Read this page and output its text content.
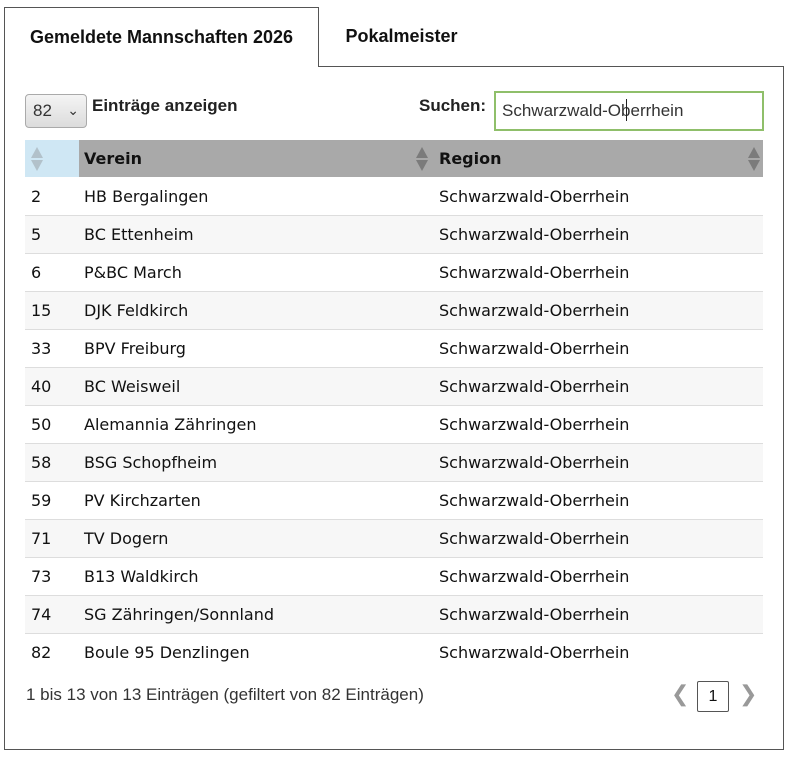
Gemeldete Mannschaften 2026	Pokalmeister
82 ⌄ Einträge anzeigen	Suchen:
Schwarzwald-Oberrhein
Verein	Region
2	HB Bergalingen	Schwarzwald-Oberrhein
5	BC Ettenheim	Schwarzwald-Oberrhein
6	P&BC March	Schwarzwald-Oberrhein
15 DJK Feldkirch	Schwarzwald-Oberrhein
33 BPV Freiburg	Schwarzwald-Oberrhein
40 BC Weisweil	Schwarzwald-Oberrhein
50 Alemannia Zähringen	Schwarzwald-Oberrhein
58 BSG Schopfheim	Schwarzwald-Oberrhein
59 PV Kirchzarten	Schwarzwald-Oberrhein
71 TV Dogern	Schwarzwald-Oberrhein
73 B13 Waldkirch	Schwarzwald-Oberrhein
74 SG Zähringen/Sonnland	Schwarzwald-Oberrhein
82 Boule 95 Denzlingen	Schwarzwald-Oberrhein
1 bis 13 von 13 Einträgen (gefiltert von 82 Einträgen)	❮	1 ❯
